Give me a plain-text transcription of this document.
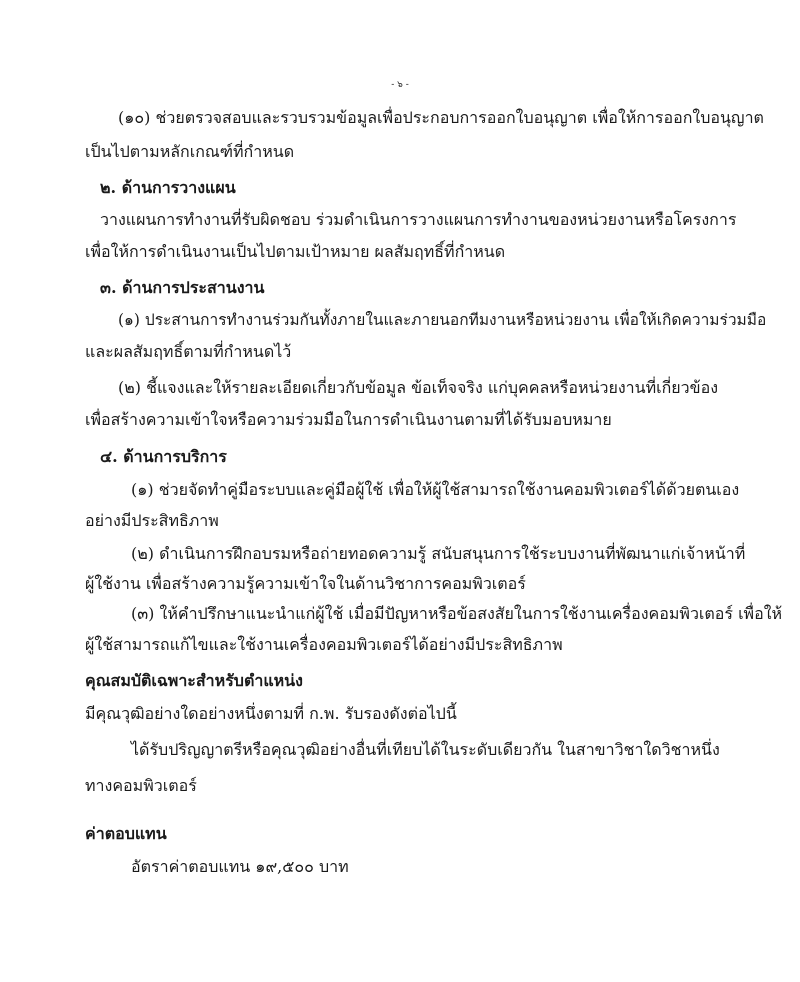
- ๖ -
(๑๐) ช่วยตรวจสอบและรวบรวมข้อมูลเพื่อประกอบการออกใบอนุญาต เพื่อให้การออกใบอนุญาต
เป็นไปตามหลักเกณฑ์ที่กำหนด
๒. ด้านการวางแผน
วางแผนการทำงานที่รับผิดชอบ ร่วมดำเนินการวางแผนการทำงานของหน่วยงานหรือโครงการ
เพื่อให้การดำเนินงานเป็นไปตามเป้าหมาย ผลสัมฤทธิ์ที่กำหนด
๓. ด้านการประสานงาน
(๑) ประสานการทำงานร่วมกันทั้งภายในและภายนอกทีมงานหรือหน่วยงาน เพื่อให้เกิดความร่วมมือ
และผลสัมฤทธิ์ตามที่กำหนดไว้
(๒) ชี้แจงและให้รายละเอียดเกี่ยวกับข้อมูล ข้อเท็จจริง แก่บุคคลหรือหน่วยงานที่เกี่ยวข้อง
เพื่อสร้างความเข้าใจหรือความร่วมมือในการดำเนินงานตามที่ได้รับมอบหมาย
๔. ด้านการบริการ
(๑) ช่วยจัดทำคู่มือระบบและคู่มือผู้ใช้ เพื่อให้ผู้ใช้สามารถใช้งานคอมพิวเตอร์ได้ด้วยตนเอง
อย่างมีประสิทธิภาพ
(๒) ดำเนินการฝึกอบรมหรือถ่ายทอดความรู้ สนับสนุนการใช้ระบบงานที่พัฒนาแก่เจ้าหน้าที่
ผู้ใช้งาน เพื่อสร้างความรู้ความเข้าใจในด้านวิชาการคอมพิวเตอร์
(๓) ให้คำปรึกษาแนะนำแก่ผู้ใช้ เมื่อมีปัญหาหรือข้อสงสัยในการใช้งานเครื่องคอมพิวเตอร์ เพื่อให้
ผู้ใช้สามารถแก้ไขและใช้งานเครื่องคอมพิวเตอร์ได้อย่างมีประสิทธิภาพ
คุณสมบัติเฉพาะสำหรับตำแหน่ง
มีคุณวุฒิอย่างใดอย่างหนึ่งตามที่ ก.พ. รับรองดังต่อไปนี้
ได้รับปริญญาตรีหรือคุณวุฒิอย่างอื่นที่เทียบได้ในระดับเดียวกัน ในสาขาวิชาใดวิชาหนึ่ง
ทางคอมพิวเตอร์
ค่าตอบแทน
อัตราค่าตอบแทน ๑๙,๕๐๐ บาท
